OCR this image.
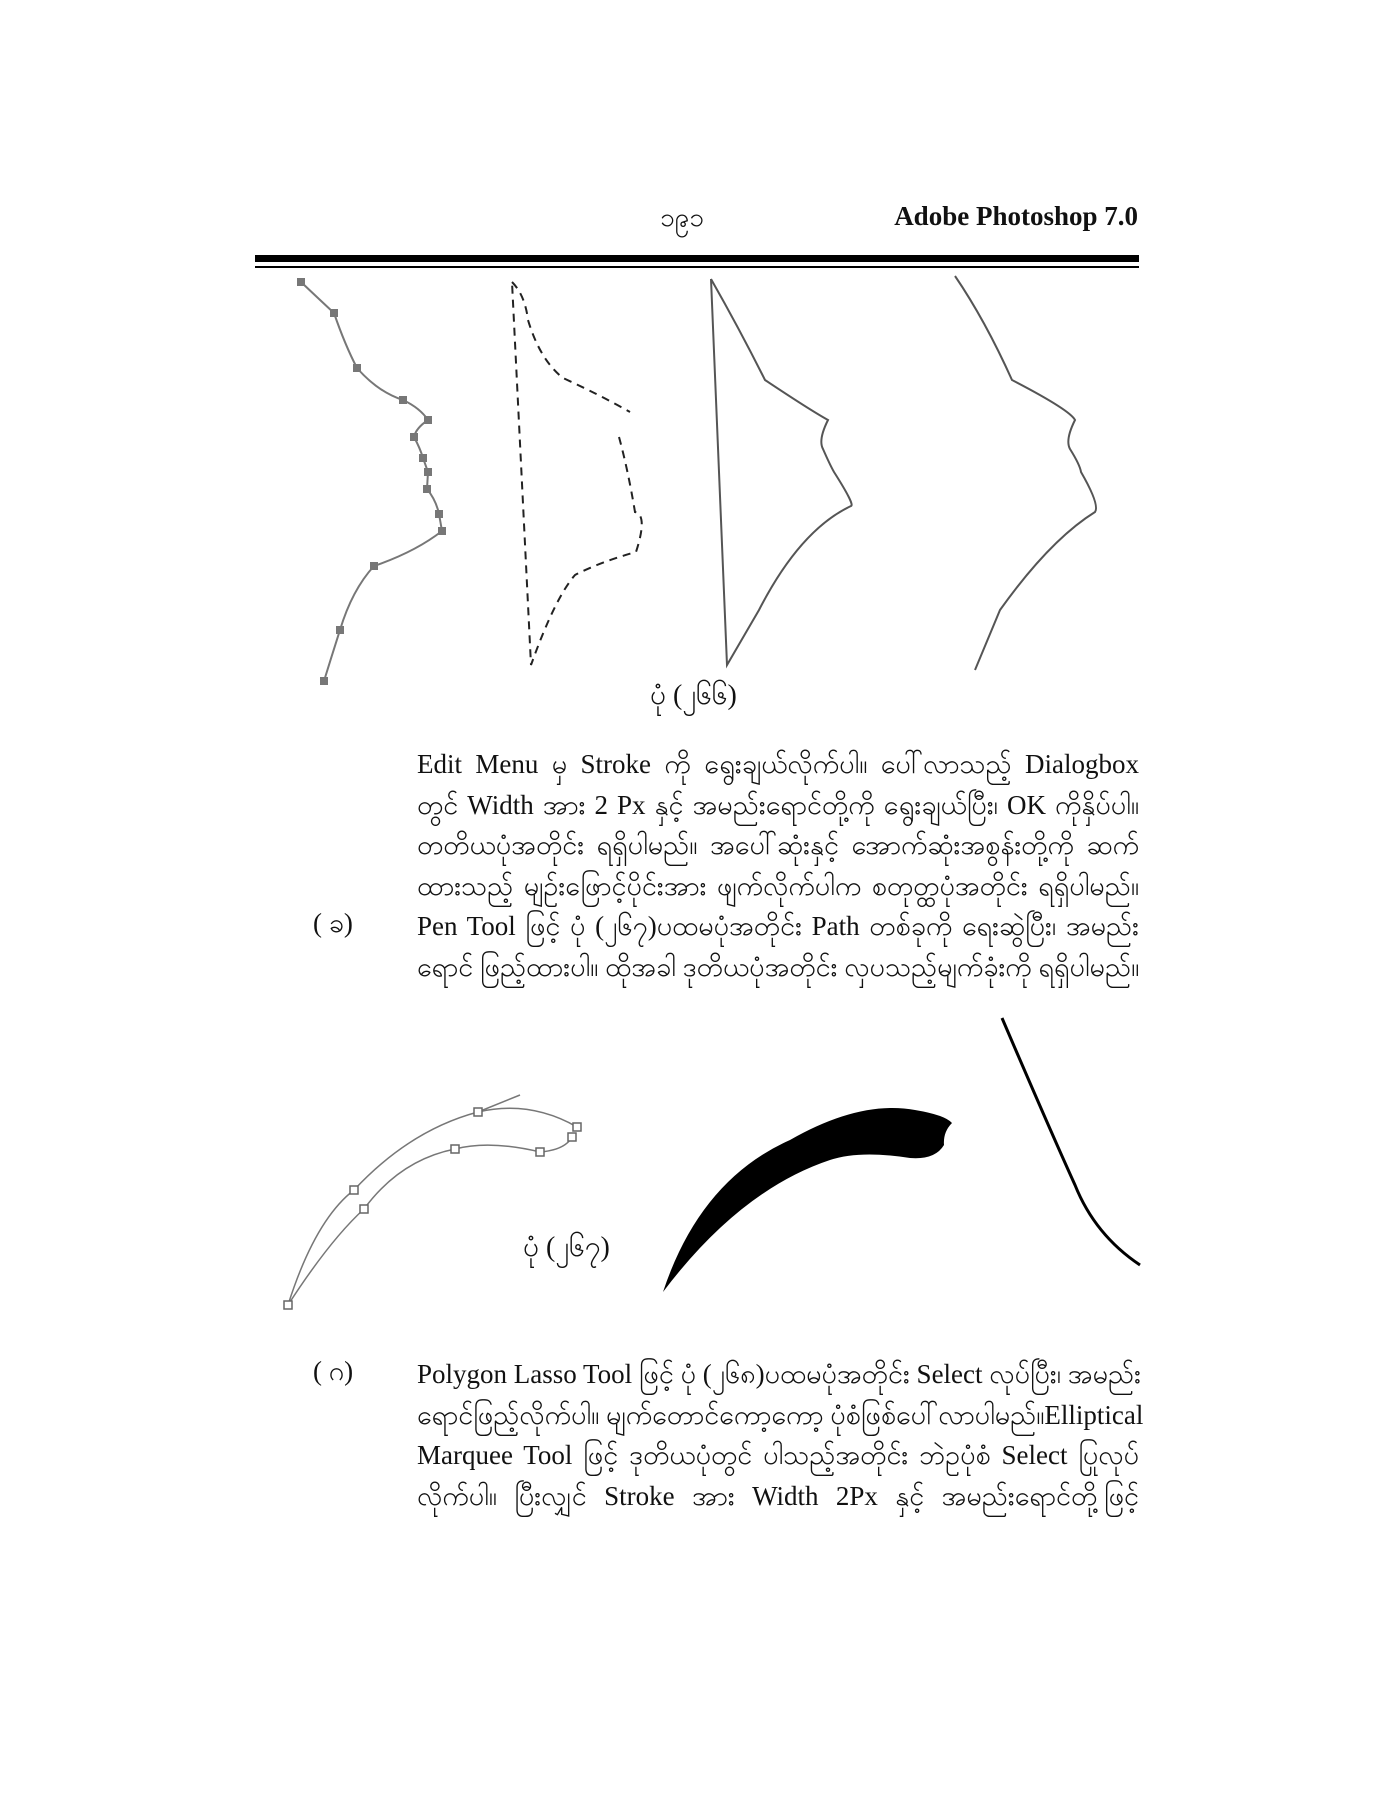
၁၉၁	Adobe Photoshop 7.0
ပုံ (၂၆၆)
ပုံ (၂၆၇)
Edit Menu မှ Stroke ကို ရွေးချယ်လိုက်ပါ။ ပေါ်လာသည့် Dialogbox
တွင် Width အား 2 Px နှင့် အမည်းရောင်တို့ကို ရွေးချယ်ပြီး၊ OK ကိုနှိပ်ပါ။
တတိယပုံအတိုင်း ရရှိပါမည်။ အပေါ်ဆုံးနှင့် အောက်ဆုံးအစွန်းတို့ကို ဆက်
ထားသည့် မျဉ်းဖြောင့်ပိုင်းအား ဖျက်လိုက်ပါက စတုတ္ထပုံအတိုင်း ရရှိပါမည်။
( ခ) Pen Tool ဖြင့် ပုံ (၂၆၇)ပထမပုံအတိုင်း Path တစ်ခုကို ရေးဆွဲပြီး၊ အမည်း
ရောင် ဖြည့်ထားပါ။ ထိုအခါ ဒုတိယပုံအတိုင်း လှပသည့်မျက်ခုံးကို ရရှိပါမည်။
( ဂ) Polygon Lasso Tool ဖြင့် ပုံ (၂၆၈)ပထမပုံအတိုင်း Select လုပ်ပြီး၊ အမည်း
ရောင်ဖြည့်လိုက်ပါ။ မျက်တောင်ကော့ကော့ ပုံစံဖြစ်ပေါ်လာပါမည်။Elliptical
Marquee Tool ဖြင့် ဒုတိယပုံတွင် ပါသည့်အတိုင်း ဘဲဥပုံစံ Select ပြုလုပ်
လိုက်ပါ။ ပြီးလျှင် Stroke အား Width 2Px နှင့် အမည်းရောင်တို့ဖြင့်
